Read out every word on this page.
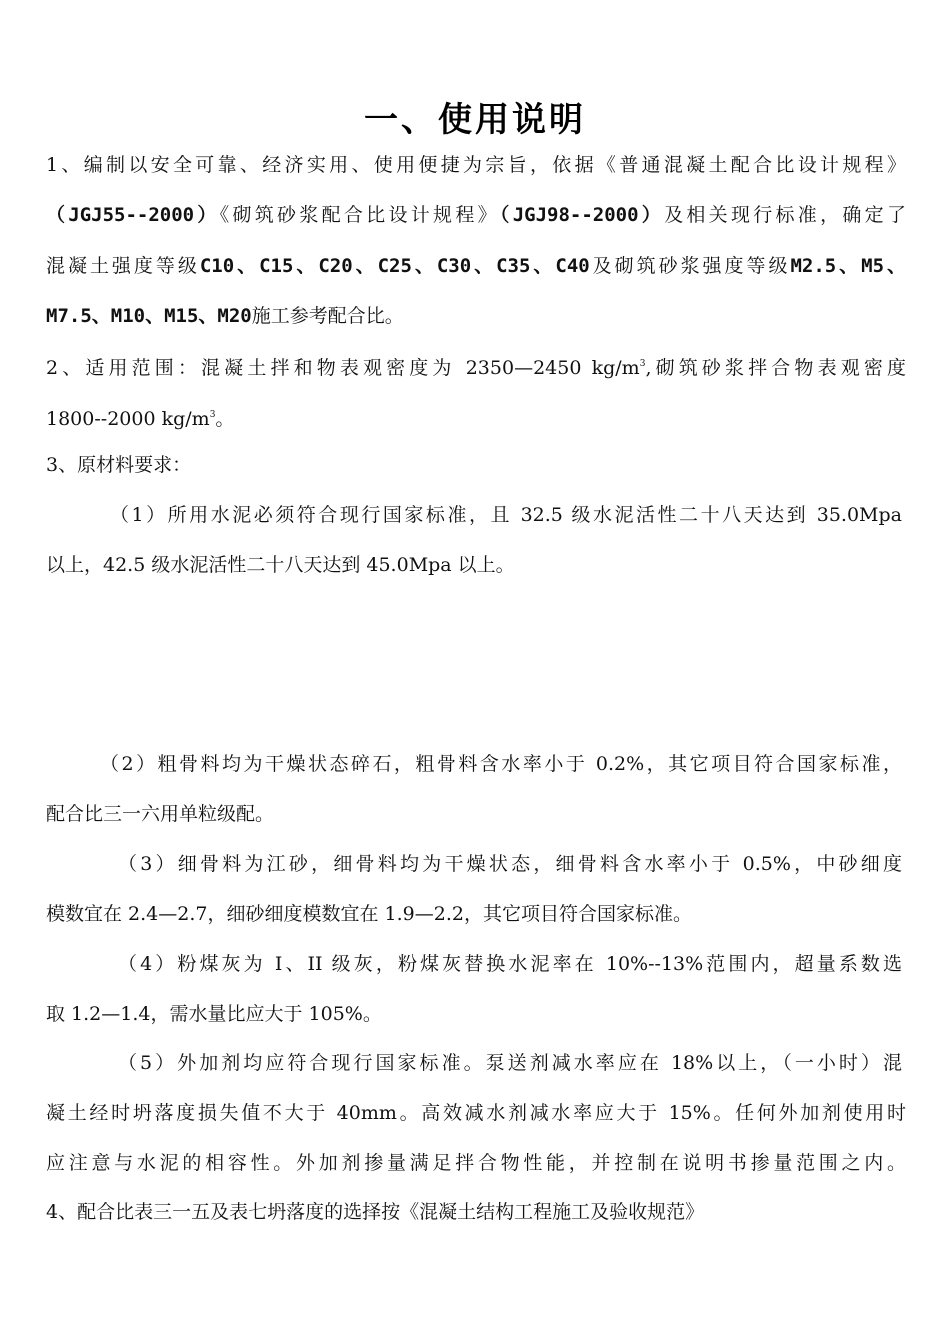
一、使用说明
1、编制以安全可靠、经济实用、使用便捷为宗旨，依据《普通混凝土配合比设计规程》
（JGJ55--2000）《砌筑砂浆配合比设计规程》（JGJ98--2000）及相关现行标准，确定了
混凝土强度等级C10、C15、C20、C25、C30、C35、C40及砌筑砂浆强度等级M2.5、M5、
M7.5、M10、M15、M20施工参考配合比。
2、适用范围：混凝土拌和物表观密度为 2350—2450 $kg/m^3$,砌筑砂浆拌合物表观密度
1800--2000 $kg/m^3$。
3、原材料要求：
（1）所用水泥必须符合现行国家标准，且 32.5 级水泥活性二十八天达到 35.0Mpa
以上，42.5 级水泥活性二十八天达到 45.0Mpa 以上。
（2）粗骨料均为干燥状态碎石，粗骨料含水率小于 0.2%，其它项目符合国家标准，
配合比三一六用单粒级配。
（3）细骨料为江砂，细骨料均为干燥状态，细骨料含水率小于 0.5%，中砂细度
模数宜在 2.4—2.7，细砂细度模数宜在 1.9—2.2，其它项目符合国家标准。
（4）粉煤灰为 I、II 级灰，粉煤灰替换水泥率在 10%--13%范围内，超量系数选
取 1.2—1.4，需水量比应大于 105%。
（5）外加剂均应符合现行国家标准。泵送剂减水率应在 18%以上，（一小时）混
凝土经时坍落度损失值不大于 40mm。高效减水剂减水率应大于 15%。任何外加剂使用时
应注意与水泥的相容性。外加剂掺量满足拌合物性能，并控制在说明书掺量范围之内。
4、配合比表三一五及表七坍落度的选择按《混凝土结构工程施工及验收规范》
